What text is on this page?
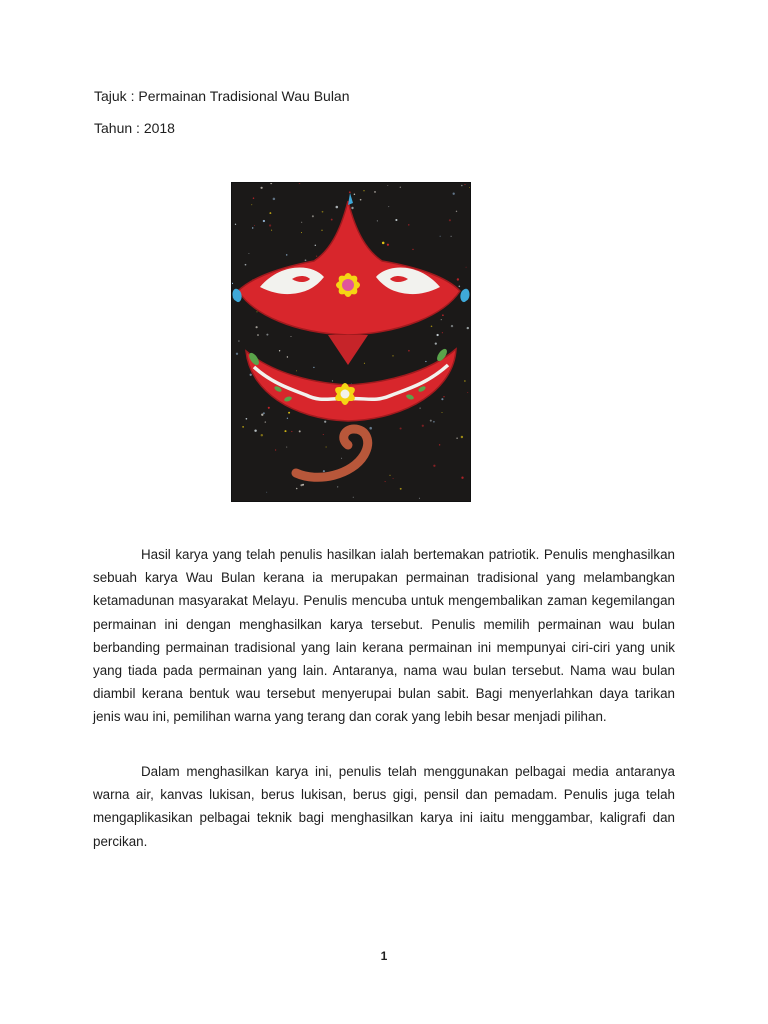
Tajuk : Permainan Tradisional Wau Bulan
Tahun : 2018

Hasil karya yang telah penulis hasilkan ialah bertemakan patriotik. Penulis menghasilkan sebuah karya Wau Bulan kerana ia merupakan permainan tradisional yang melambangkan ketamadunan masyarakat Melayu. Penulis mencuba untuk mengembalikan zaman kegemilangan permainan ini dengan menghasilkan karya tersebut. Penulis memilih permainan wau bulan berbanding permainan tradisional yang lain kerana permainan ini mempunyai ciri-ciri yang unik yang tiada pada permainan yang lain. Antaranya, nama wau bulan tersebut. Nama wau bulan diambil kerana bentuk wau tersebut menyerupai bulan sabit. Bagi menyerlahkan daya tarikan jenis wau ini, pemilihan warna yang terang dan corak yang lebih besar menjadi pilihan.

Dalam menghasilkan karya ini, penulis telah menggunakan pelbagai media antaranya warna air, kanvas lukisan, berus lukisan, berus gigi, pensil dan pemadam. Penulis juga telah mengaplikasikan pelbagai teknik bagi menghasilkan karya ini iaitu menggambar, kaligrafi dan percikan.

1
